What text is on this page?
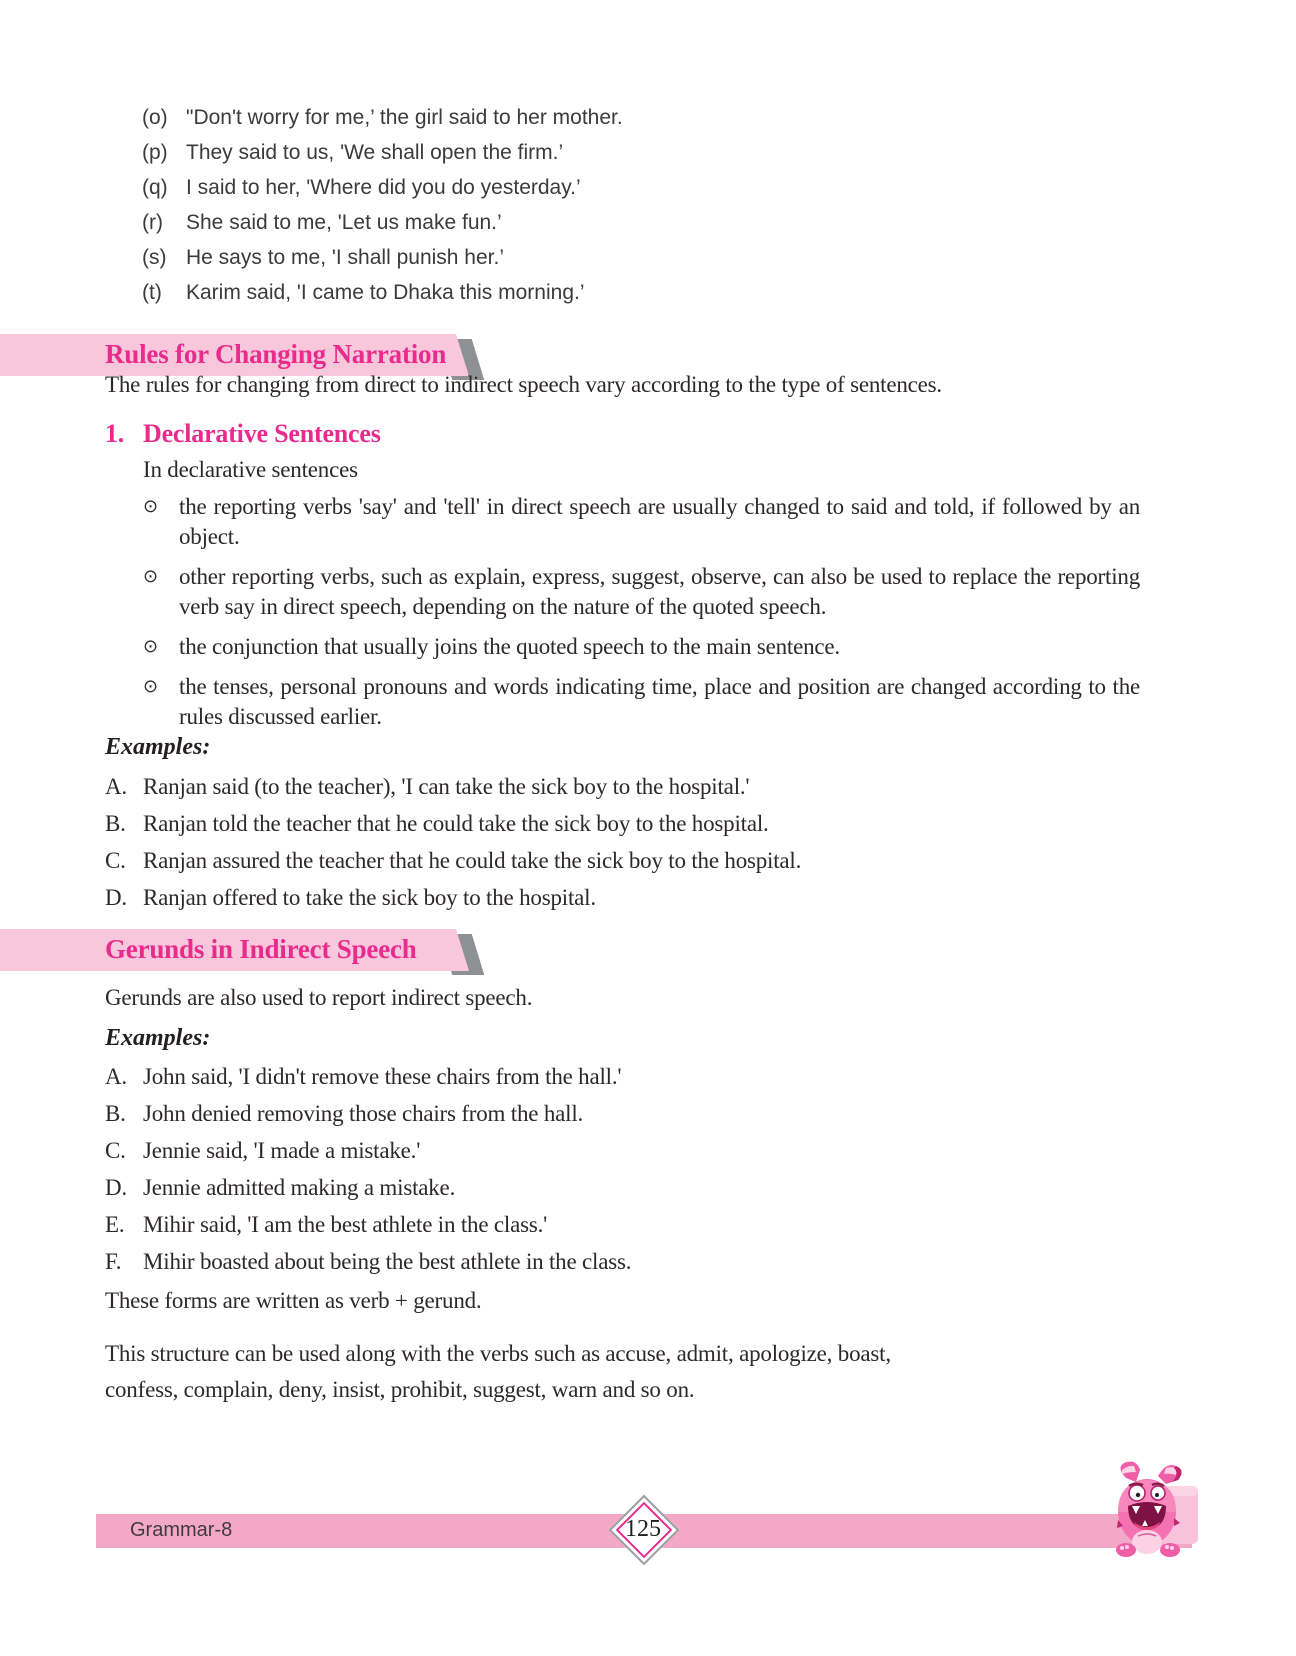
(o) "Don't worry for me,’ the girl said to her mother.
(p) They said to us, 'We shall open the firm.’
(q) I said to her, 'Where did you do yesterday.’
(r)	She said to me, 'Let us make fun.’
(s) He says to me, 'I shall punish her.’
(t)	Karim said, 'I came to Dhaka this morning.’
Rules for Changing Narration
The rules for changing from direct to indirect speech vary according to the type of sentences.
1. Declarative Sentences
In declarative sentences
⊙ the reporting verbs 'say' and 'tell' in direct speech are usually changed to said and told, if followed by an object.
⊙ other reporting verbs, such as explain, express, suggest, observe, can also be used to replace the reporting verb say in direct speech, depending on the nature of the quoted speech.
⊙ the conjunction that usually joins the quoted speech to the main sentence.
⊙ the tenses, personal pronouns and words indicating time, place and position are changed according to the rules discussed earlier.
Examples:
A. Ranjan said (to the teacher), 'I can take the sick boy to the hospital.'
B. Ranjan told the teacher that he could take the sick boy to the hospital.
C. Ranjan assured the teacher that he could take the sick boy to the hospital.
D. Ranjan offered to take the sick boy to the hospital.
Gerunds in Indirect Speech
Gerunds are also used to report indirect speech.
Examples:
A. John said, 'I didn't remove these chairs from the hall.'
B. John denied removing those chairs from the hall.
C. Jennie said, 'I made a mistake.'
D. Jennie admitted making a mistake.
E. Mihir said, 'I am the best athlete in the class.'
F. Mihir boasted about being the best athlete in the class.
These forms are written as verb + gerund.
This structure can be used along with the verbs such as accuse, admit, apologize, boast,
confess, complain, deny, insist, prohibit, suggest, warn and so on.
Grammar-8	125
